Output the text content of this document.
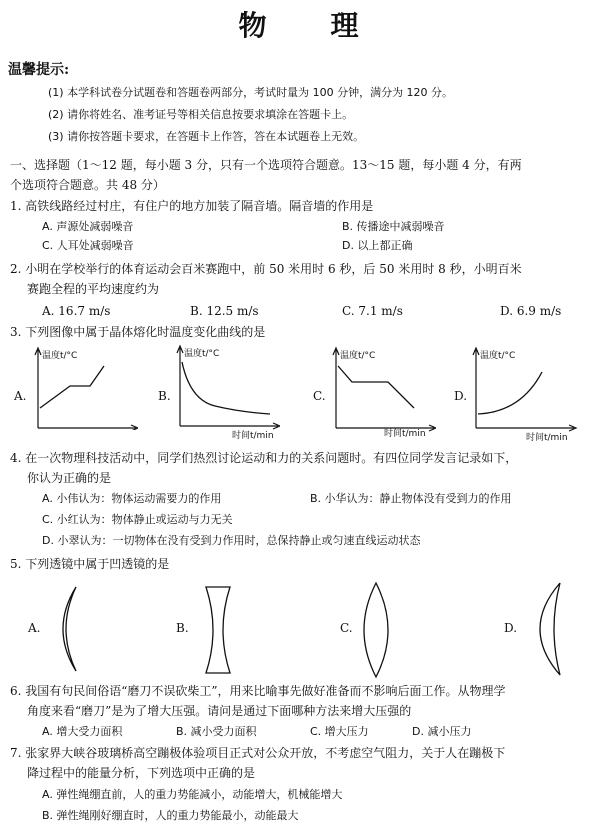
物　理
温馨提示:
(1) 本学科试卷分试题卷和答题卷两部分，考试时量为 100 分钟，满分为 120 分。
(2) 请你将姓名、准考证号等相关信息按要求填涂在答题卡上。
(3) 请你按答题卡要求，在答题卡上作答，答在本试题卷上无效。
一、选择题（1～12 题，每小题 3 分，只有一个选项符合题意。13～15 题，每小题 4 分，有两
个选项符合题意。共 48 分）
1. 高铁线路经过村庄，有住户的地方加装了隔音墙。隔音墙的作用是
A. 声源处减弱噪音	B. 传播途中减弱噪音
C. 人耳处减弱噪音	D. 以上都正确
2. 小明在学校举行的体育运动会百米赛跑中，前 50 米用时 6 秒，后 50 米用时 8 秒，小明百米
赛跑全程的平均速度约为
A. 16.7 m/s	B. 12.5 m/s	C. 7.1 m/s	D. 6.9 m/s
3. 下列图像中属于晶体熔化时温度变化曲线的是
A.
温度t/°C
B.
温度t/°C
时间t/min
C.
温度t/°C
时间t/min
D.
温度t/°C
时间t/min
4. 在一次物理科技活动中，同学们热烈讨论运动和力的关系问题时。有四位同学发言记录如下，
你认为正确的是
A. 小伟认为：物体运动需要力的作用	B. 小华认为：静止物体没有受到力的作用
C. 小红认为：物体静止或运动与力无关
D. 小翠认为：一切物体在没有受到力作用时，总保持静止或匀速直线运动状态
5. 下列透镜中属于凹透镜的是
A.	B.	C.	D.
6. 我国有句民间俗语“磨刀不误砍柴工”，用来比喻事先做好准备而不影响后面工作。从物理学
角度来看“磨刀”是为了增大压强。请问是通过下面哪种方法来增大压强的
A. 增大受力面积	B. 减小受力面积	C. 增大压力	D. 减小压力
7. 张家界大峡谷玻璃桥高空蹦极体验项目正式对公众开放，不考虑空气阻力，关于人在蹦极下
降过程中的能量分析，下列选项中正确的是
A. 弹性绳绷直前，人的重力势能减小，动能增大，机械能增大
B. 弹性绳刚好绷直时，人的重力势能最小，动能最大
